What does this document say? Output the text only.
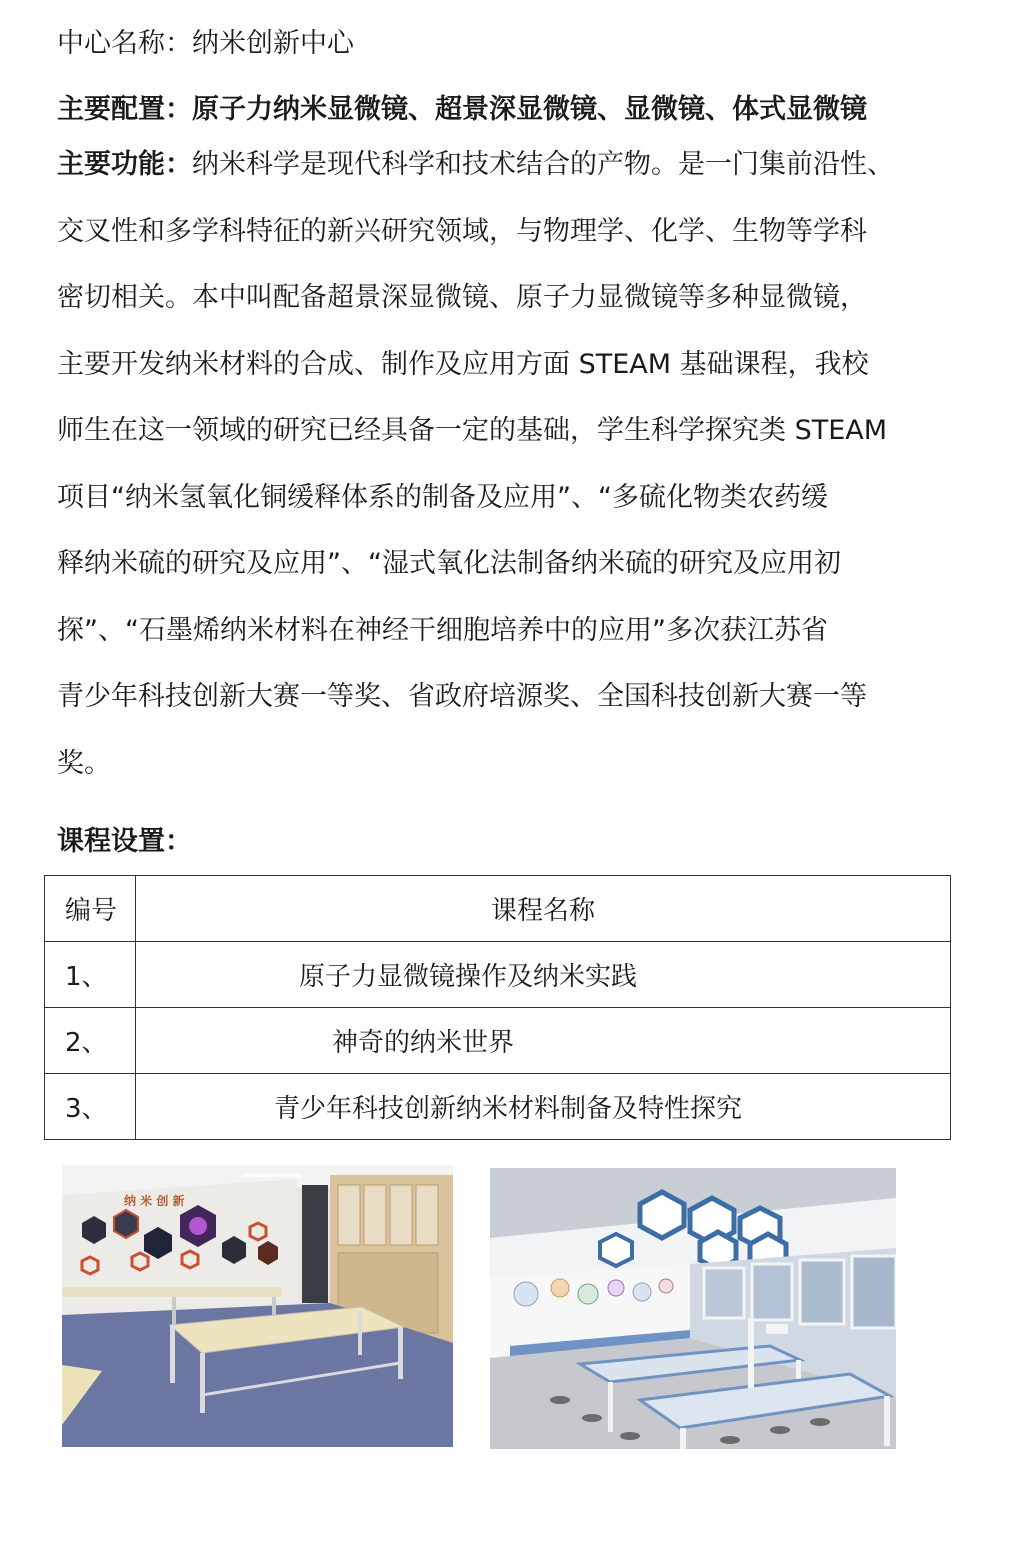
中心名称：纳米创新中心
主要配置：原子力纳米显微镜、超景深显微镜、显微镜、体式显微镜
主要功能：纳米科学是现代科学和技术结合的产物。是一门集前沿性、
交叉性和多学科特征的新兴研究领域，与物理学、化学、生物等学科
密切相关。本中叫配备超景深显微镜、原子力显微镜等多种显微镜，
主要开发纳米材料的合成、制作及应用方面 STEAM 基础课程，我校
师生在这一领域的研究已经具备一定的基础，学生科学探究类 STEAM
项目“纳米氢氧化铜缓释体系的制备及应用”、“多硫化物类农药缓
释纳米硫的研究及应用”、“湿式氧化法制备纳米硫的研究及应用初
探”、“石墨烯纳米材料在神经干细胞培养中的应用”多次获江苏省
青少年科技创新大赛一等奖、省政府培源奖、全国科技创新大赛一等
奖。
课程设置：
编号	课程名称
1、	原子力显微镜操作及纳米实践
2、	神奇的纳米世界
3、	青少年科技创新纳米材料制备及特性探究
纳 米 创 新
